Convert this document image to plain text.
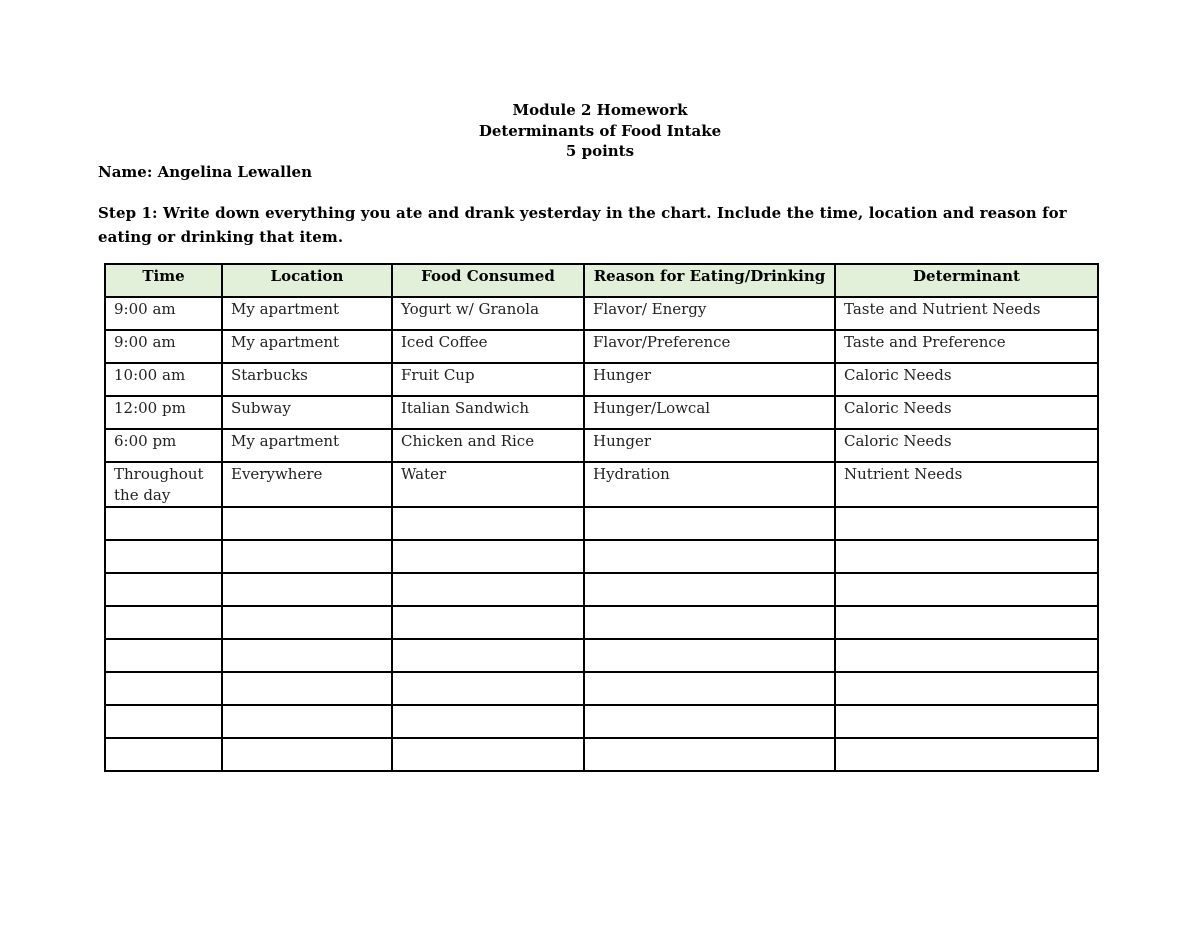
Module 2 Homework
Determinants of Food Intake
5 points
Name: Angelina Lewallen
Step 1: Write down everything you ate and drank yesterday in the chart. Include the time, location and reason for eating or drinking that item.
Time	Location	Food Consumed	Reason for Eating/Drinking	Determinant
9:00 am	My apartment	Yogurt w/ Granola	Flavor/ Energy	Taste and Nutrient Needs
9:00 am	My apartment	Iced Coffee	Flavor/Preference	Taste and Preference
10:00 am	Starbucks	Fruit Cup	Hunger	Caloric Needs
12:00 pm	Subway	Italian Sandwich	Hunger/Lowcal	Caloric Needs
6:00 pm	My apartment	Chicken and Rice	Hunger	Caloric Needs
Throughout the day	Everywhere	Water	Hydration	Nutrient Needs
